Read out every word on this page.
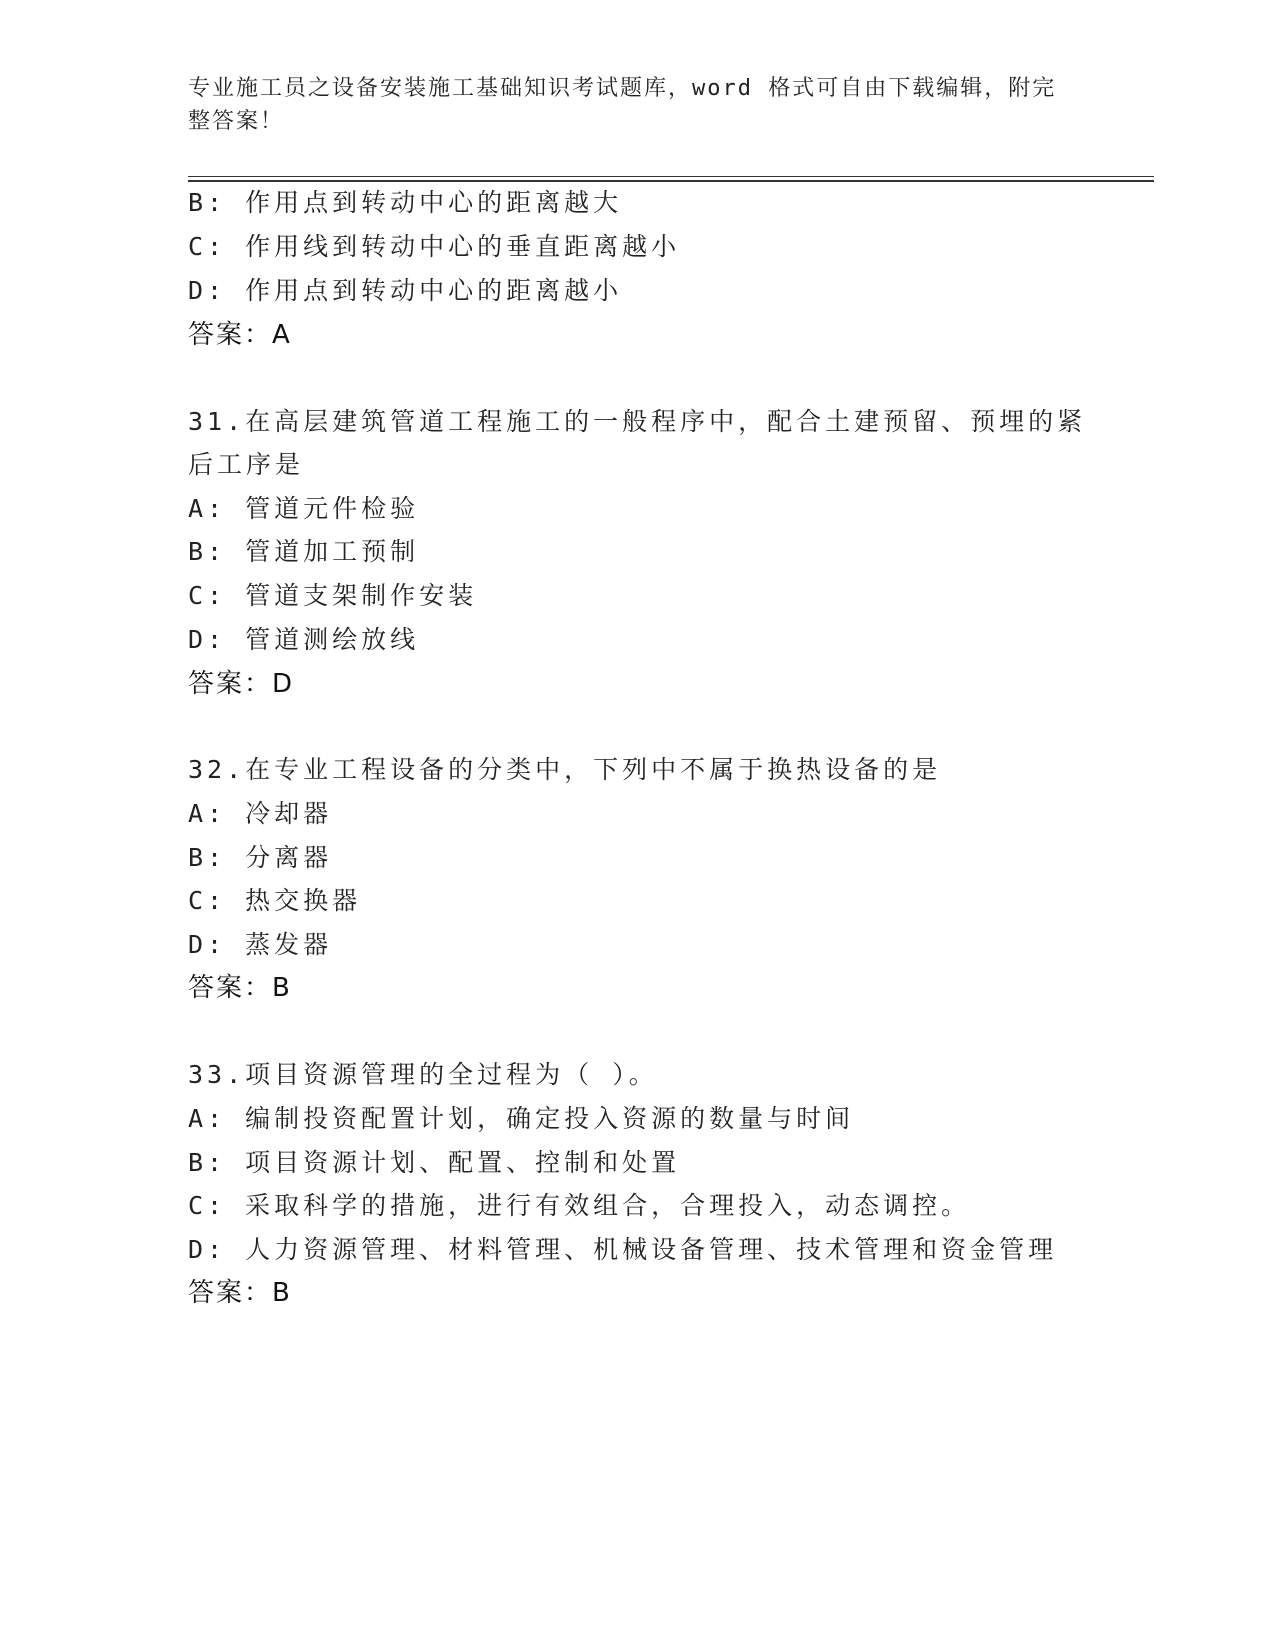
专业施工员之设备安装施工基础知识考试题库，word 格式可自由下载编辑，附完整答案！
B: 作用点到转动中心的距离越大
C: 作用线到转动中心的垂直距离越小
D: 作用点到转动中心的距离越小
答案：A
31.在高层建筑管道工程施工的一般程序中，配合土建预留、预埋的紧
后工序是
A: 管道元件检验
B: 管道加工预制
C: 管道支架制作安装
D: 管道测绘放线
答案：D
32.在专业工程设备的分类中，下列中不属于换热设备的是
A: 冷却器
B: 分离器
C: 热交换器
D: 蒸发器
答案：B
33.项目资源管理的全过程为（ ）。
A: 编制投资配置计划，确定投入资源的数量与时间
B: 项目资源计划、配置、控制和处置
C: 采取科学的措施，进行有效组合，合理投入，动态调控。
D: 人力资源管理、材料管理、机械设备管理、技术管理和资金管理
答案：B
